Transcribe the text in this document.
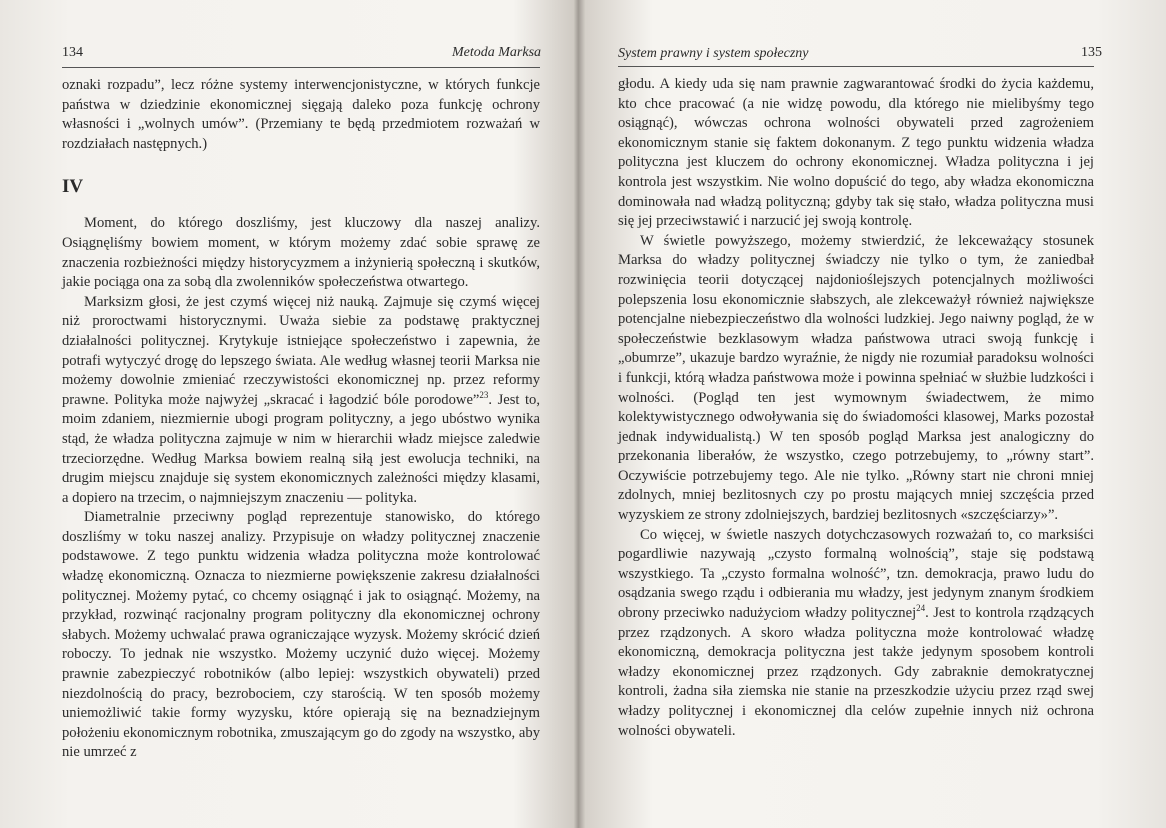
134	Metoda Marksa

oznaki rozpadu”, lecz różne systemy interwencjonistyczne, w których funkcje państwa w dziedzinie ekonomicznej sięgają daleko poza funkcję ochrony własności i „wolnych umów”. (Przemiany te będą przedmiotem rozważań w rozdziałach następnych.)

IV

Moment, do którego doszliśmy, jest kluczowy dla naszej analizy. Osiągnęliśmy bowiem moment, w którym możemy zdać sobie sprawę ze znaczenia rozbieżności między historycyzmem a inżynierią społeczną i skutków, jakie pociąga ona za sobą dla zwolenników społeczeństwa otwartego.

Marksizm głosi, że jest czymś więcej niż nauką. Zajmuje się czymś więcej niż proroctwami historycznymi. Uważa siebie za podstawę praktycznej działalności politycznej. Krytykuje istniejące społeczeństwo i zapewnia, że potrafi wytyczyć drogę do lepszego świata. Ale według własnej teorii Marksa nie możemy dowolnie zmieniać rzeczywistości ekonomicznej np. przez reformy prawne. Polityka może najwyżej „skracać i łagodzić bóle porodowe”$^{23}$. Jest to, moim zdaniem, niezmiernie ubogi program polityczny, a jego ubóstwo wynika stąd, że władza polityczna zajmuje w nim w hierarchii władz miejsce zaledwie trzeciorzędne. Według Marksa bowiem realną siłą jest ewolucja techniki, na drugim miejscu znajduje się system ekonomicznych zależności między klasami, a dopiero na trzecim, o najmniejszym znaczeniu — polityka.

Diametralnie przeciwny pogląd reprezentuje stanowisko, do którego doszliśmy w toku naszej analizy. Przypisuje on władzy politycznej znaczenie podstawowe. Z tego punktu widzenia władza polityczna może kontrolować władzę ekonomiczną. Oznacza to niezmierne powiększenie zakresu działalności politycznej. Możemy pytać, co chcemy osiągnąć i jak to osiągnąć. Możemy, na przykład, rozwinąć racjonalny program polityczny dla ekonomicznej ochrony słabych. Możemy uchwalać prawa ograniczające wyzysk. Możemy skrócić dzień roboczy. To jednak nie wszystko. Możemy uczynić dużo więcej. Możemy prawnie zabezpieczyć robotników (albo lepiej: wszystkich obywateli) przed niezdolnością do pracy, bezrobociem, czy starością. W ten sposób możemy uniemożliwić takie formy wyzysku, które opierają się na beznadziejnym położeniu ekonomicznym robotnika, zmuszającym go do zgody na wszystko, aby nie umrzeć z

System prawny i system społeczny	135

głodu. A kiedy uda się nam prawnie zagwarantować środki do życia każdemu, kto chce pracować (a nie widzę powodu, dla którego nie mielibyśmy tego osiągnąć), wówczas ochrona wolności obywateli przed zagrożeniem ekonomicznym stanie się faktem dokonanym. Z tego punktu widzenia władza polityczna jest kluczem do ochrony ekonomicznej. Władza polityczna i jej kontrola jest wszystkim. Nie wolno dopuścić do tego, aby władza ekonomiczna dominowała nad władzą polityczną; gdyby tak się stało, władza polityczna musi się jej przeciwstawić i narzucić jej swoją kontrolę.

W świetle powyższego, możemy stwierdzić, że lekceważący stosunek Marksa do władzy politycznej świadczy nie tylko o tym, że zaniedbał rozwinięcia teorii dotyczącej najdonioślejszych potencjalnych możliwości polepszenia losu ekonomicznie słabszych, ale zlekceważył również największe potencjalne niebezpieczeństwo dla wolności ludzkiej. Jego naiwny pogląd, że w społeczeństwie bezklasowym władza państwowa utraci swoją funkcję i „obumrze”, ukazuje bardzo wyraźnie, że nigdy nie rozumiał paradoksu wolności i funkcji, którą władza państwowa może i powinna spełniać w służbie ludzkości i wolności. (Pogląd ten jest wymownym świadectwem, że mimo kolektywistycznego odwoływania się do świadomości klasowej, Marks pozostał jednak indywidualistą.) W ten sposób pogląd Marksa jest analogiczny do przekonania liberałów, że wszystko, czego potrzebujemy, to „równy start”. Oczywiście potrzebujemy tego. Ale nie tylko. „Równy start nie chroni mniej zdolnych, mniej bezlitosnych czy po prostu mających mniej szczęścia przed wyzyskiem ze strony zdolniejszych, bardziej bezlitosnych «szczęściarzy»”.

Co więcej, w świetle naszych dotychczasowych rozważań to, co marksiści pogardliwie nazywają „czysto formalną wolnością”, staje się podstawą wszystkiego. Ta „czysto formalna wolność”, tzn. demokracja, prawo ludu do osądzania swego rządu i odbierania mu władzy, jest jedynym znanym środkiem obrony przeciwko nadużyciom władzy politycznej$^{24}$. Jest to kontrola rządzących przez rządzonych. A skoro władza polityczna może kontrolować władzę ekonomiczną, demokracja polityczna jest także jedynym sposobem kontroli władzy ekonomicznej przez rządzonych. Gdy zabraknie demokratycznej kontroli, żadna siła ziemska nie stanie na przeszkodzie użyciu przez rząd swej władzy politycznej i ekonomicznej dla celów zupełnie innych niż ochrona wolności obywateli.
